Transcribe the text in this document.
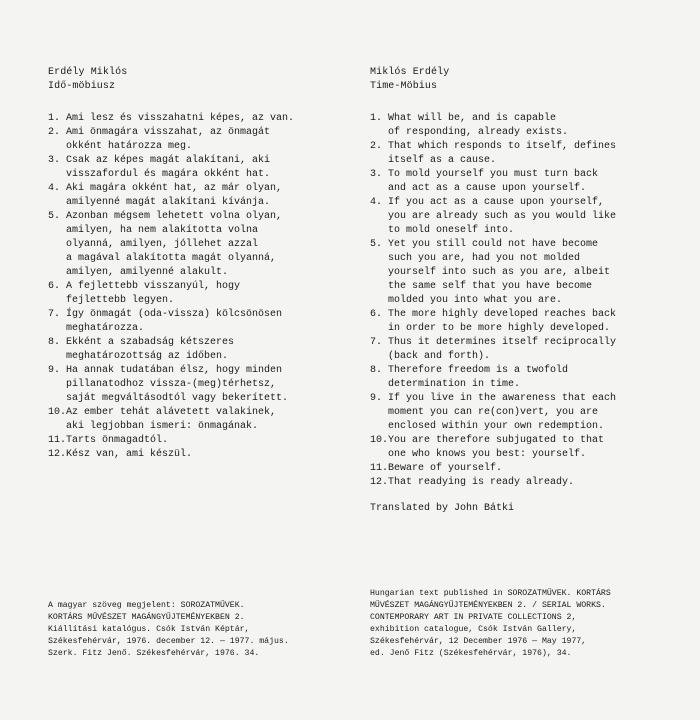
Erdély Miklós
Idő-möbiusz
1. Ami lesz és visszahatni képes, az van.
2. Ami önmagára visszahat, az önmagát
okként határozza meg.
3. Csak az képes magát alakítani, aki
visszafordul és magára okként hat.
4. Aki magára okként hat, az már olyan,
amilyenné magát alakítani kívánja.
5. Azonban mégsem lehetett volna olyan,
amilyen, ha nem alakította volna
olyanná, amilyen, jóllehet azzal
a magával alakította magát olyanná,
amilyen, amilyenné alakult.
6. A fejlettebb visszanyúl, hogy
fejlettebb legyen.
7. Így önmagát (oda-vissza) kölcsönösen
meghatározza.
8. Ekként a szabadság kétszeres
meghatározottság az időben.
9. Ha annak tudatában élsz, hogy minden
pillanatodhoz vissza-(meg)térhetsz,
saját megváltásodtól vagy bekerített.
10. Az ember tehát alávetett valakinek,
aki legjobban ismeri: önmagának.
11. Tarts önmagadtól.
12. Kész van, ami készül.
Miklós Erdély
Time-Möbius
1. What will be, and is capable
of responding, already exists.
2. That which responds to itself, defines
itself as a cause.
3. To mold yourself you must turn back
and act as a cause upon yourself.
4. If you act as a cause upon yourself,
you are already such as you would like
to mold oneself into.
5. Yet you still could not have become
such you are, had you not molded
yourself into such as you are, albeit
the same self that you have become
molded you into what you are.
6. The more highly developed reaches back
in order to be more highly developed.
7. Thus it determines itself reciprocally
(back and forth).
8. Therefore freedom is a twofold
determination in time.
9. If you live in the awareness that each
moment you can re(con)vert, you are
enclosed within your own redemption.
10. You are therefore subjugated to that
one who knows you best: yourself.
11. Beware of yourself.
12. That readying is ready already.
Translated by John Bátki
A magyar szöveg megjelent: SOROZATMŰVEK.
KORTÁRS MŰVÉSZET MAGÁNGYŰJTEMÉNYEKBEN 2.
Kiállítási katalógus. Csók István Képtár,
Székesfehérvár, 1976. december 12. — 1977. május.
Szerk. Fitz Jenő. Székesfehérvár, 1976. 34.
Hungarian text published in SOROZATMŰVEK. KORTÁRS
MŰVÉSZET MAGÁNGYŰJTEMÉNYEKBEN 2. / SERIAL WORKS.
CONTEMPORARY ART IN PRIVATE COLLECTIONS 2,
exhibition catalogue, Csók István Gallery,
Székesfehérvár, 12 December 1976 — May 1977,
ed. Jenő Fitz (Székesfehérvár, 1976), 34.
